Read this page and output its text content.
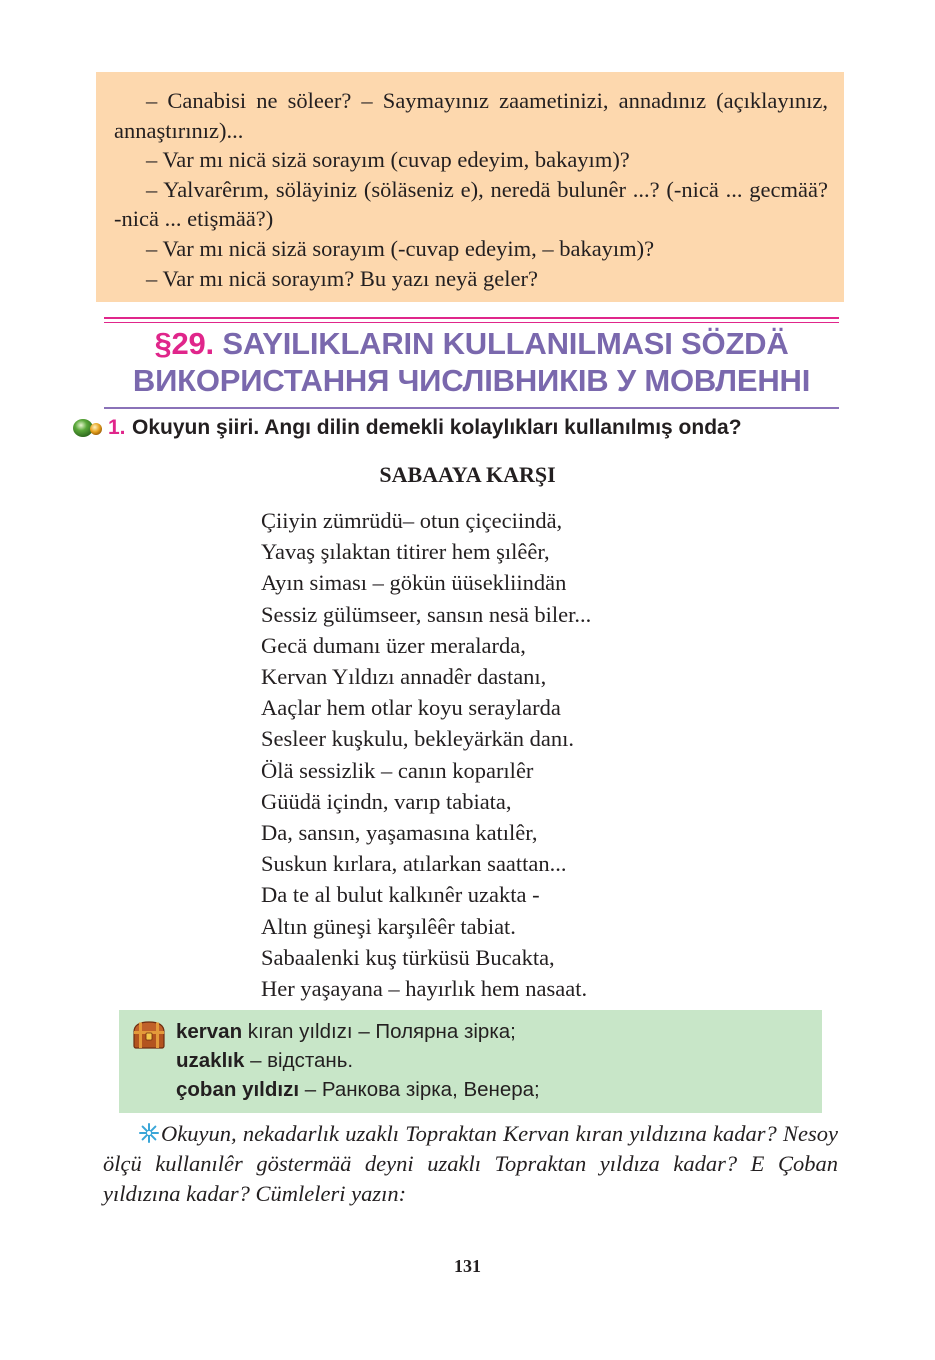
– Canabisi ne söleer? – Saymayınız zaametinizi, annadınız (açıklayınız, annaştırınız)...

– Var mı nicä sizä sorayım (cuvap edeyim, bakayım)?

– Yalvarêrım, söläyiniz (söläseniz e), neredä bulunêr ...? (-nicä ... gecmää? -nicä ... etişmää?)

– Var mı nicä sizä sorayım (-cuvap edeyim, – bakayım)?

– Var mı nicä sorayım? Bu yazı neyä geler?

§29. SAYILIKLARIN KULLANILMASI SÖZDÄ
ВИКОРИСТАННЯ ЧИСЛІВНИКІВ У МОВЛЕННІ
1. Okuyun şiiri. Angı dilin demekli kolaylıkları kullanılmış onda?
SABAAYA KARŞI
Çiiyin zümrüdü– otun çiçeciindä,
Yavaş şılaktan titirer hem şılêêr,
Ayın siması – gökün üüsekliindän
Sessiz gülümseer, sansın nesä biler...
Gecä dumanı üzer meralarda,
Kervan Yıldızı annadêr dastanı,
Aaçlar hem otlar koyu seraylarda
Sesleer kuşkulu, bekleyärkän danı.
Ölä sessizlik – canın koparılêr
Güüdä içindn, varıp tabiata,
Da, sansın, yaşamasına katılêr,
Suskun kırlara, atılarkan saattan...
Da te al bulut kalkınêr uzakta -
Altın güneşi karşılêêr tabiat.
Sabaalenki kuş türküsü Bucakta,
Her yaşayana – hayırlık hem nasaat.
kervan kıran yıldızı – Полярна зірка;
uzaklık – відстань.
çoban yıldızı – Ранкова зірка, Венера;

Okuyun, nekadarlık uzaklı Topraktan Kervan kıran yıldızına kadar? Nesoy ölçü kullanılêr göstermää deyni uzaklı Topraktan yıldıza kadar? E Çoban yıldızına kadar? Cümleleri yazın:

131
